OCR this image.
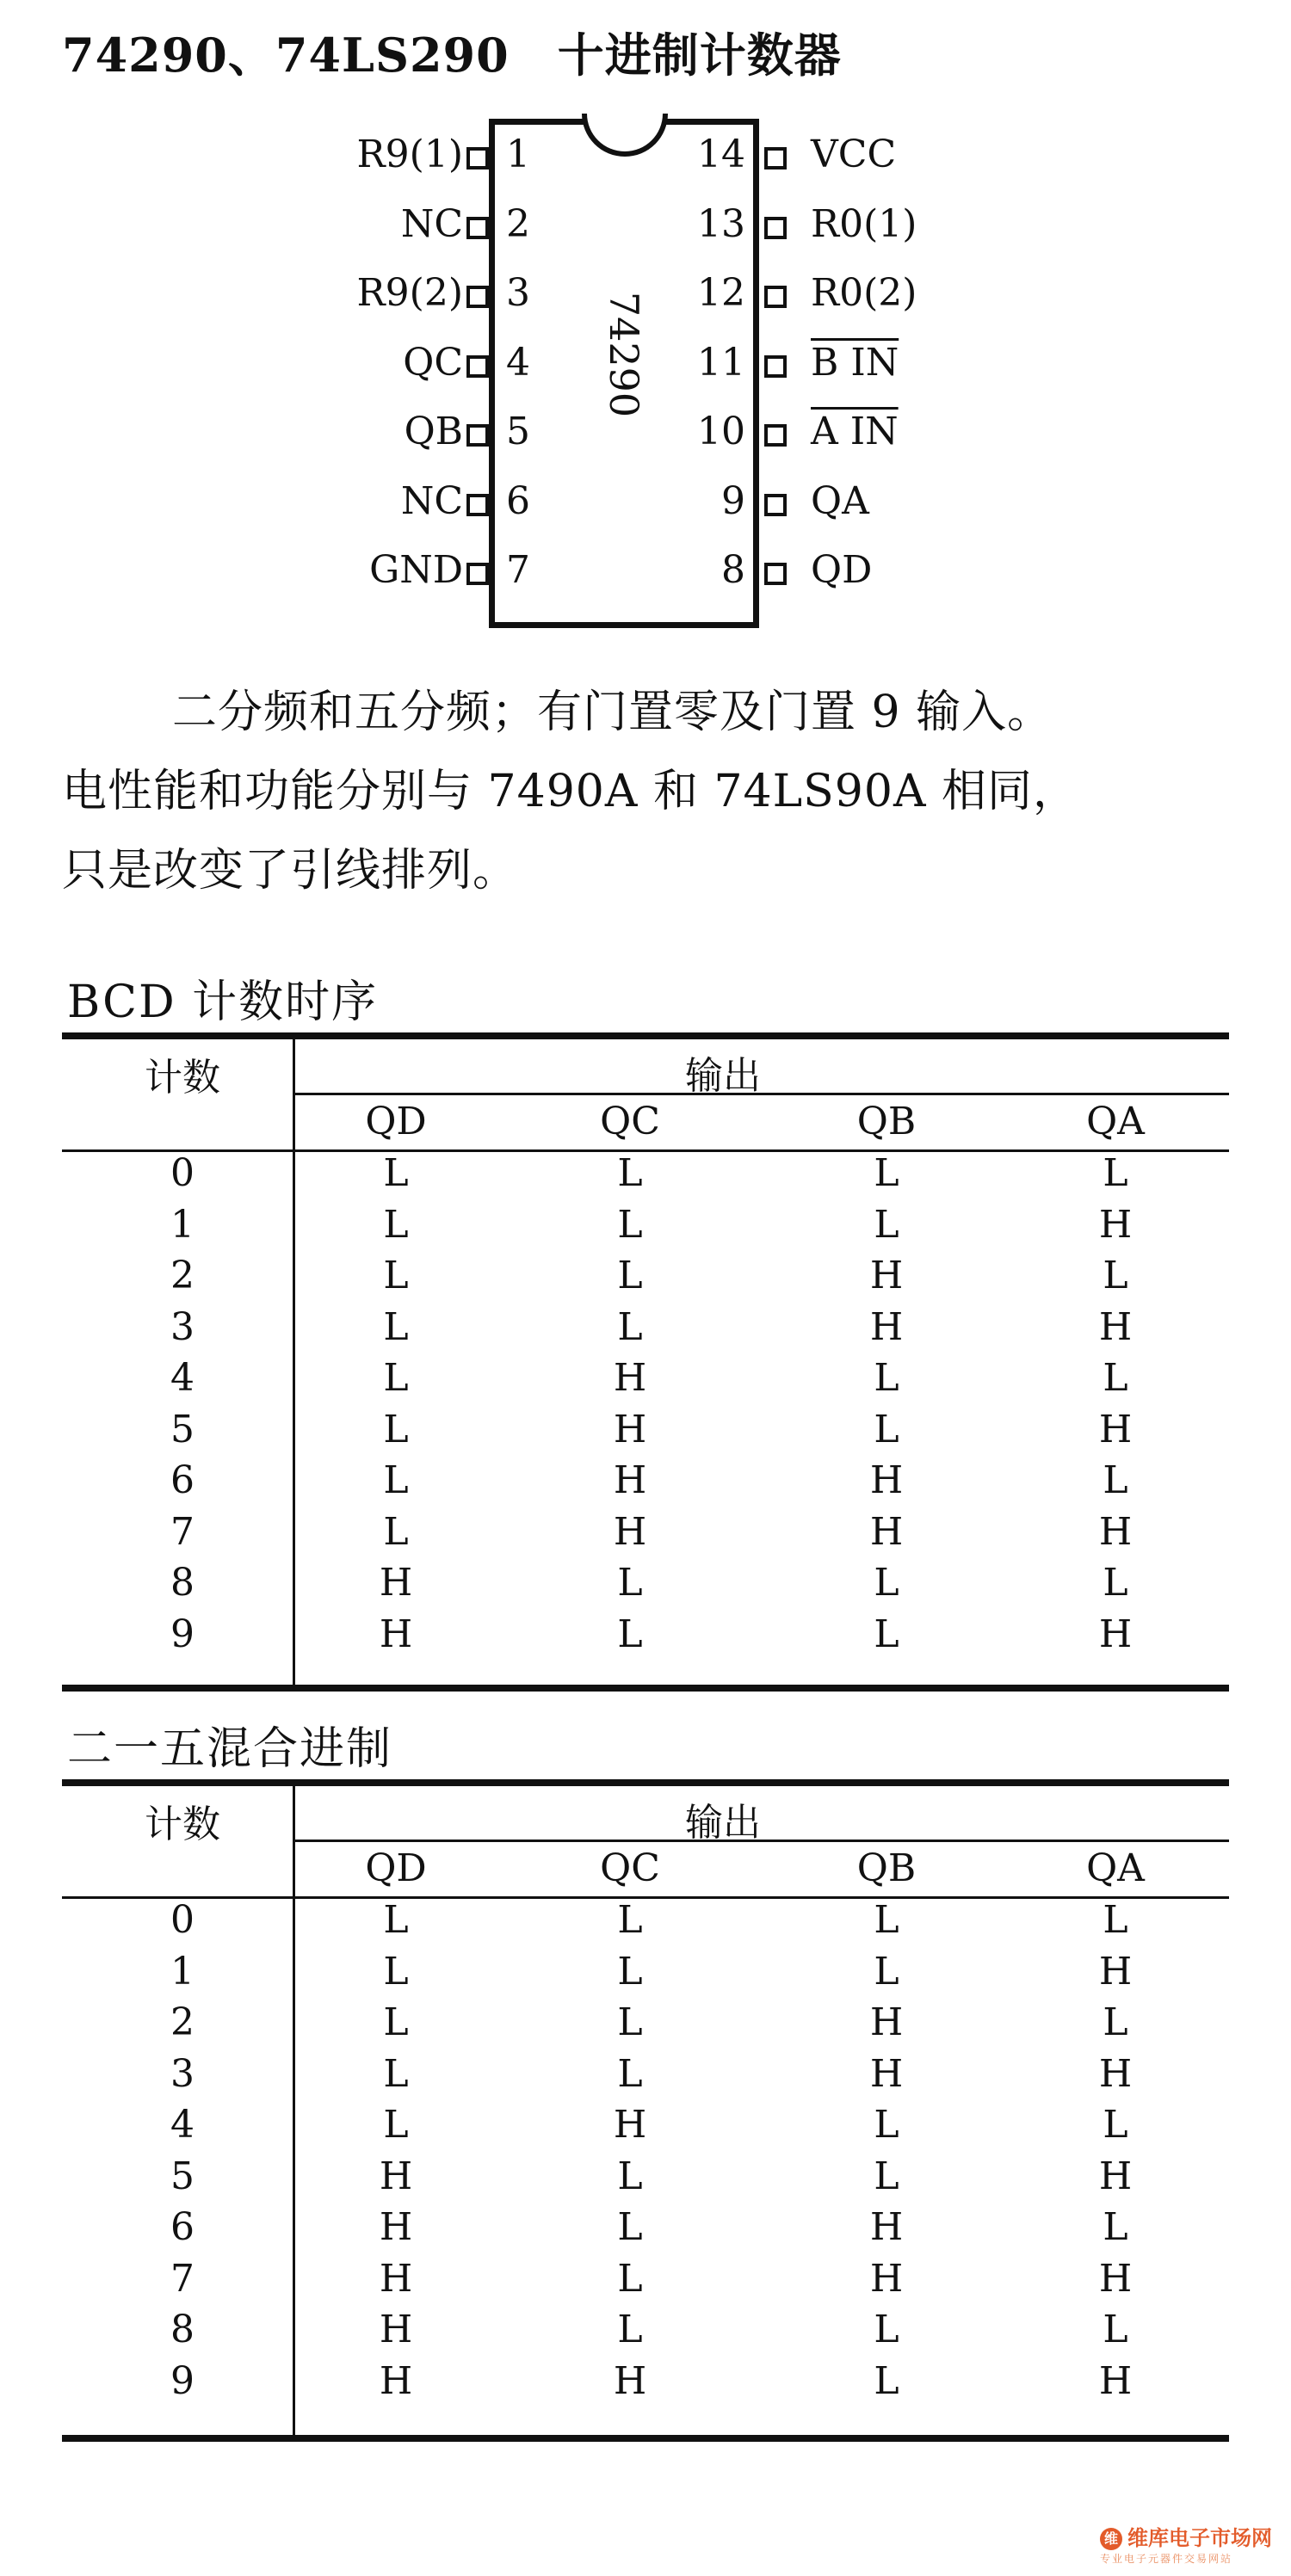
74290、74LS290 十进制计数器
74290
R9(1) 1
NC 2
R9(2) 3
QC 4
QB 5
NC 6
GND 7
14 VCC
13 R0(1)
12 R0(2)
11 B IN
10 A IN
9 QA
8 QD
二分频和五分频；有门置零及门置 9 输入。
电性能和功能分别与 7490A 和 74LS90A 相同，
只是改变了引线排列。
BCD 计数时序
计数	输出
QD	QC	QB	QA
0	L	L	L	L
1	L	L	L	H
2	L	L	H	L
3	L	L	H	H
4	L	H	L	L
5	L	H	L	H
6	L	H	H	L
7	L	H	H	H
8	H	L	L	L
9	H	L	L	H
二一五混合进制
计数	输出
QD	QC	QB	QA
0	L	L	L	L
1	L	L	L	H
2	L	L	H	L
3	L	L	H	H
4	L	H	L	L
5	H	L	L	H
6	H	L	H	L
7	H	L	H	H
8	H	L	L	L
9	H	H	L	H
维 维库电子市场网
专业电子元器件交易网站
